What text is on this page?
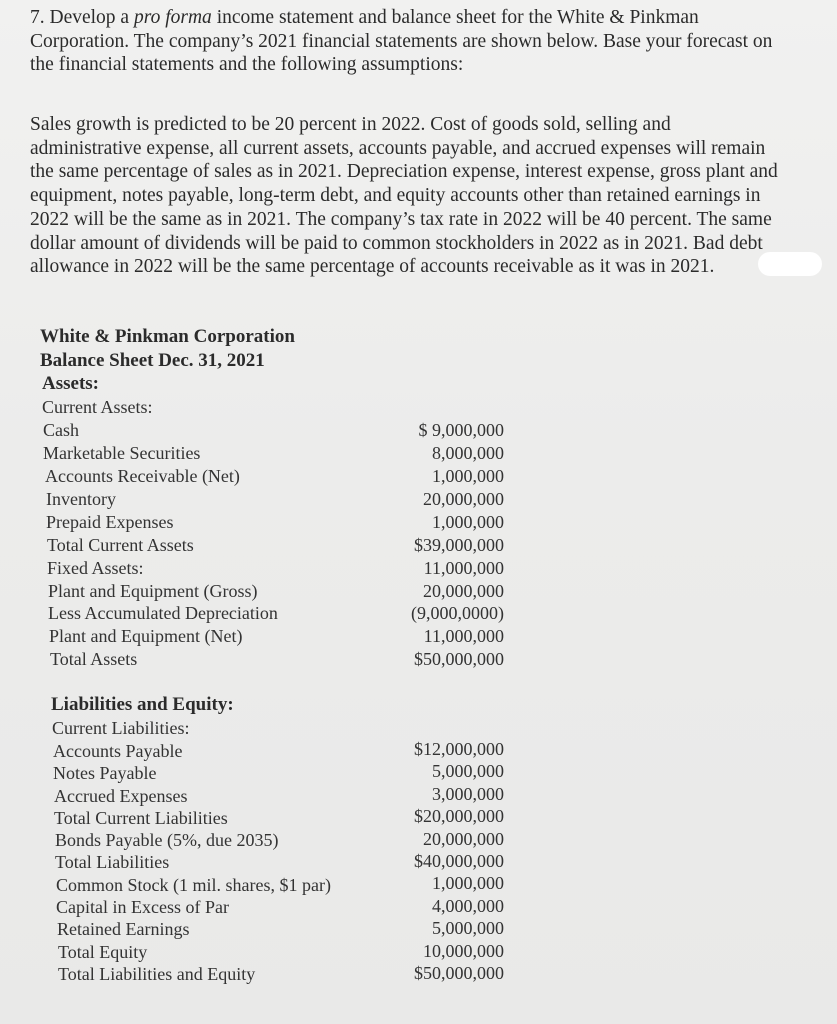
7. Develop a pro forma income statement and balance sheet for the White & Pinkman
Corporation. The company’s 2021 financial statements are shown below. Base your forecast on
the financial statements and the following assumptions:

Sales growth is predicted to be 20 percent in 2022. Cost of goods sold, selling and
administrative expense, all current assets, accounts payable, and accrued expenses will remain
the same percentage of sales as in 2021. Depreciation expense, interest expense, gross plant and
equipment, notes payable, long-term debt, and equity accounts other than retained earnings in
2022 will be the same as in 2021. The company’s tax rate in 2022 will be 40 percent. The same
dollar amount of dividends will be paid to common stockholders in 2022 as in 2021. Bad debt
allowance in 2022 will be the same percentage of accounts receivable as it was in 2021.

White & Pinkman Corporation
Balance Sheet Dec. 31, 2021
Assets:
Current Assets:
Cash	$ 9,000,000
Marketable Securities	8,000,000
Accounts Receivable (Net)	1,000,000
Inventory	20,000,000
Prepaid Expenses	1,000,000
Total Current Assets	$39,000,000
Fixed Assets:	11,000,000
Plant and Equipment (Gross)	20,000,000
Less Accumulated Depreciation	(9,000,0000)
Plant and Equipment (Net)	11,000,000
Total Assets	$50,000,000
Liabilities and Equity:
Current Liabilities:
Accounts Payable	$12,000,000
Notes Payable	5,000,000
Accrued Expenses	3,000,000
Total Current Liabilities	$20,000,000
Bonds Payable (5%, due 2035)	20,000,000
Total Liabilities	$40,000,000
Common Stock (1 mil. shares, $1 par)	1,000,000
Capital in Excess of Par	4,000,000
Retained Earnings	5,000,000
Total Equity	10,000,000
Total Liabilities and Equity	$50,000,000
